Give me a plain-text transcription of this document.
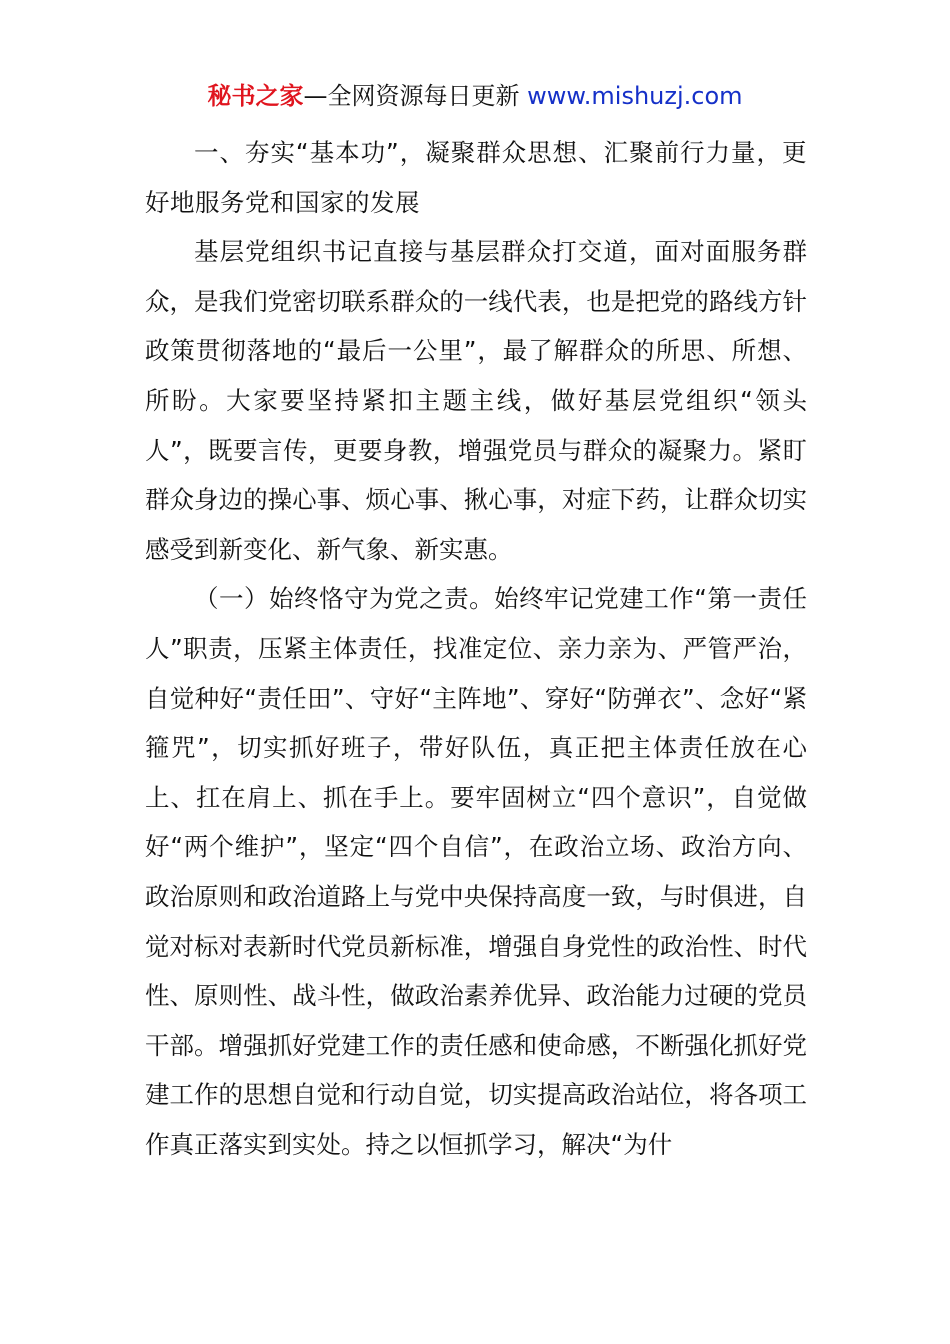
秘书之家—全网资源每日更新 www.mishuzj.com

一、夯实“基本功”，凝聚群众思想、汇聚前行力量，更好地服务党和国家的发展

基层党组织书记直接与基层群众打交道，面对面服务群众，是我们党密切联系群众的一线代表，也是把党的路线方针政策贯彻落地的“最后一公里”，最了解群众的所思、所想、所盼。大家要坚持紧扣主题主线，做好基层党组织“领头人”，既要言传，更要身教，增强党员与群众的凝聚力。紧盯群众身边的操心事、烦心事、揪心事，对症下药，让群众切实感受到新变化、新气象、新实惠。

（一）始终恪守为党之责。始终牢记党建工作“第一责任人”职责，压紧主体责任，找准定位、亲力亲为、严管严治，自觉种好“责任田”、守好“主阵地”、穿好“防弹衣”、念好“紧箍咒”，切实抓好班子，带好队伍，真正把主体责任放在心上、扛在肩上、抓在手上。要牢固树立“四个意识”，自觉做好“两个维护”，坚定“四个自信”，在政治立场、政治方向、政治原则和政治道路上与党中央保持高度一致，与时俱进，自觉对标对表新时代党员新标准，增强自身党性的政治性、时代性、原则性、战斗性，做政治素养优异、政治能力过硬的党员干部。增强抓好党建工作的责任感和使命感，不断强化抓好党建工作的思想自觉和行动自觉，切实提高政治站位，将各项工作真正落实到实处。持之以恒抓学习，解决“为什
